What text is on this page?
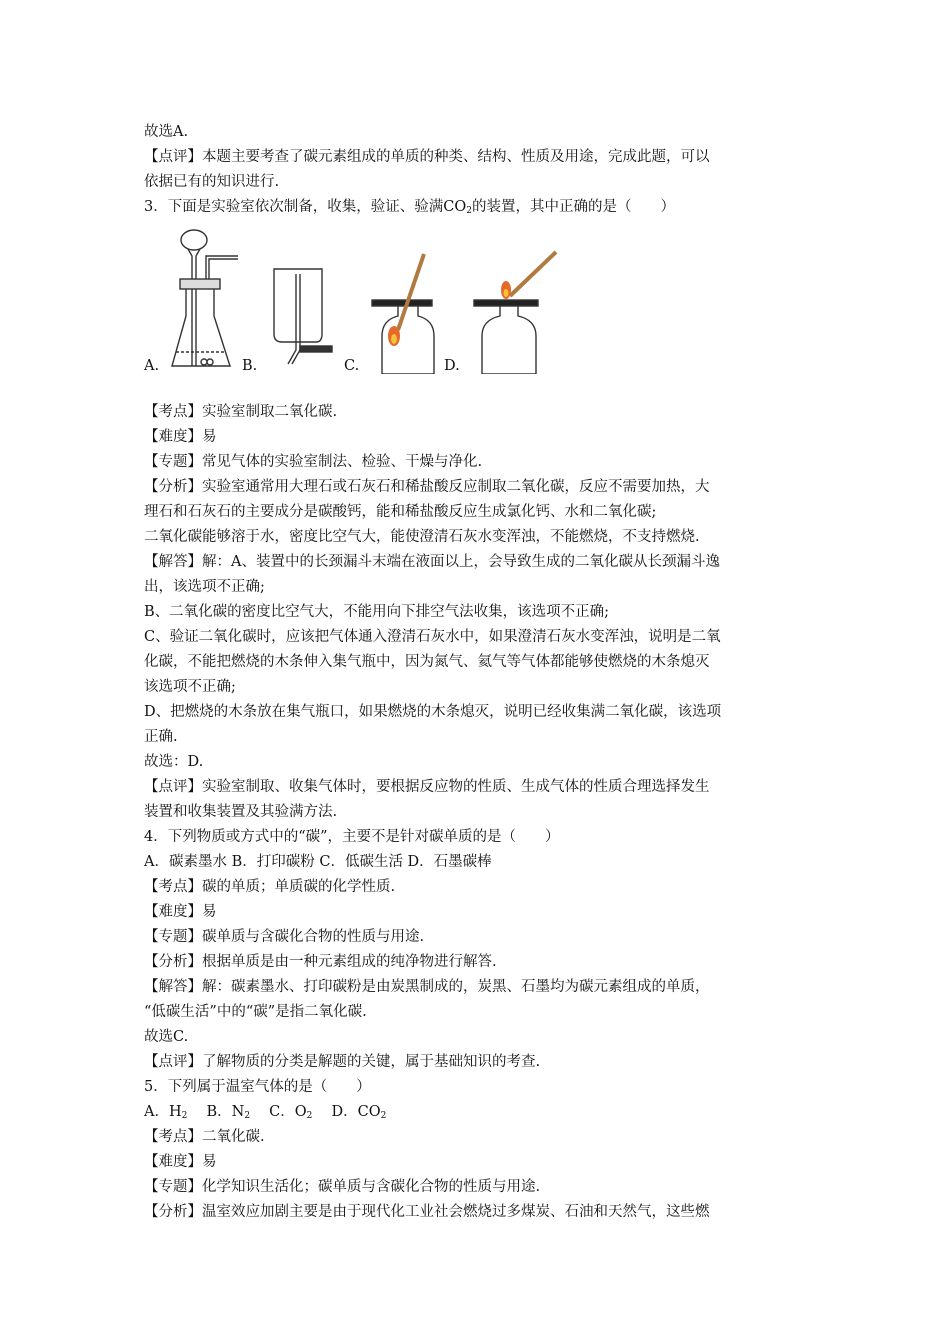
故选A.
【点评】本题主要考查了碳元素组成的单质的种类、结构、性质及用途，完成此题，可以
依据已有的知识进行.
3．下面是实验室依次制备，收集，验证、验满$CO_2$的装置，其中正确的是（　　）
A.	B.	C.	D.
【考点】实验室制取二氧化碳.
【难度】易
【专题】常见气体的实验室制法、检验、干燥与净化.
【分析】实验室通常用大理石或石灰石和稀盐酸反应制取二氧化碳，反应不需要加热，大
理石和石灰石的主要成分是碳酸钙，能和稀盐酸反应生成氯化钙、水和二氧化碳;
二氧化碳能够溶于水，密度比空气大，能使澄清石灰水变浑浊，不能燃烧，不支持燃烧.
【解答】解：A、装置中的长颈漏斗末端在液面以上，会导致生成的二氧化碳从长颈漏斗逸
出，该选项不正确;
B、二氧化碳的密度比空气大，不能用向下排空气法收集，该选项不正确;
C、验证二氧化碳时，应该把气体通入澄清石灰水中，如果澄清石灰水变浑浊，说明是二氧
化碳，不能把燃烧的木条伸入集气瓶中，因为氮气、氦气等气体都能够使燃烧的木条熄灭
该选项不正确;
D、把燃烧的木条放在集气瓶口，如果燃烧的木条熄灭，说明已经收集满二氧化碳，该选项
正确.
故选：D.
【点评】实验室制取、收集气体时，要根据反应物的性质、生成气体的性质合理选择发生
装置和收集装置及其验满方法.
4．下列物质或方式中的“碳”，主要不是针对碳单质的是（　　）
A．碳素墨水 B．打印碳粉 C．低碳生活 D．石墨碳棒
【考点】碳的单质；单质碳的化学性质.
【难度】易
【专题】碳单质与含碳化合物的性质与用途.
【分析】根据单质是由一种元素组成的纯净物进行解答.
【解答】解：碳素墨水、打印碳粉是由炭黑制成的，炭黑、石墨均为碳元素组成的单质，
“低碳生活”中的“碳”是指二氧化碳.
故选C.
【点评】了解物质的分类是解题的关键，属于基础知识的考查.
5．下列属于温室气体的是（　　）
A．$H_2$　 B．$N_2$　 C．$O_2$　 D．$CO_2$
【考点】二氧化碳.
【难度】易
【专题】化学知识生活化；碳单质与含碳化合物的性质与用途.
【分析】温室效应加剧主要是由于现代化工业社会燃烧过多煤炭、石油和天然气，这些燃
